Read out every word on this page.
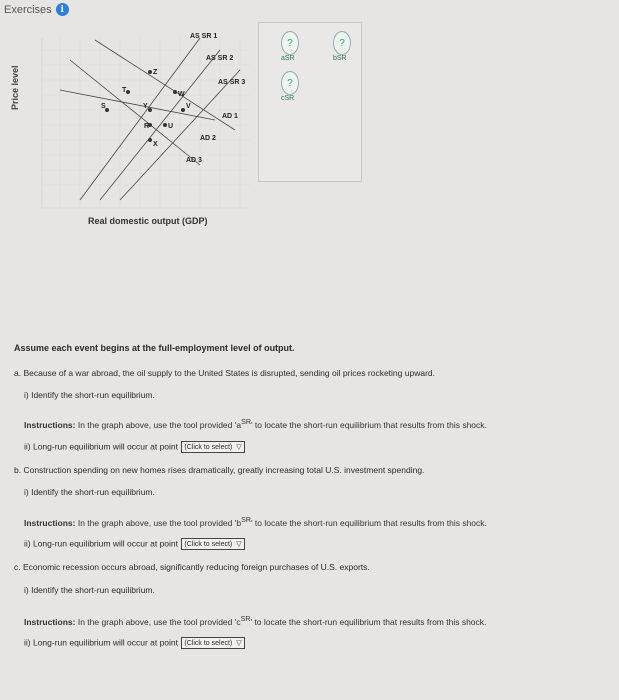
Exercises i
T
W
Z
S	Y	V
R	U
X
AS SR 1
AS SR 2
AS SR 3
AD 1
AD 2
AD 3
Price level
Real domestic output (GDP)
?
aSR
?
bSR
?
cSR
Assume each event begins at the full-employment level of output.
a. Because of a war abroad, the oil supply to the United States is disrupted, sending oil prices rocketing upward.
i) Identify the short-run equilibrium.
Instructions: In the graph above, use the tool provided '$a^{SR}$' to locate the short-run equilibrium that results from this shock.
ii) Long-run equilibrium will occur at point (Click to select) ▽
b. Construction spending on new homes rises dramatically, greatly increasing total U.S. investment spending.
i) Identify the short-run equilibrium.
Instructions: In the graph above, use the tool provided '$b^{SR}$' to locate the short-run equilibrium that results from this shock.
ii) Long-run equilibrium will occur at point (Click to select) ▽
c. Economic recession occurs abroad, significantly reducing foreign purchases of U.S. exports.
i) Identify the short-run equilibrium.
Instructions: In the graph above, use the tool provided '$c^{SR}$' to locate the short-run equilibrium that results from this shock.
ii) Long-run equilibrium will occur at point (Click to select) ▽
